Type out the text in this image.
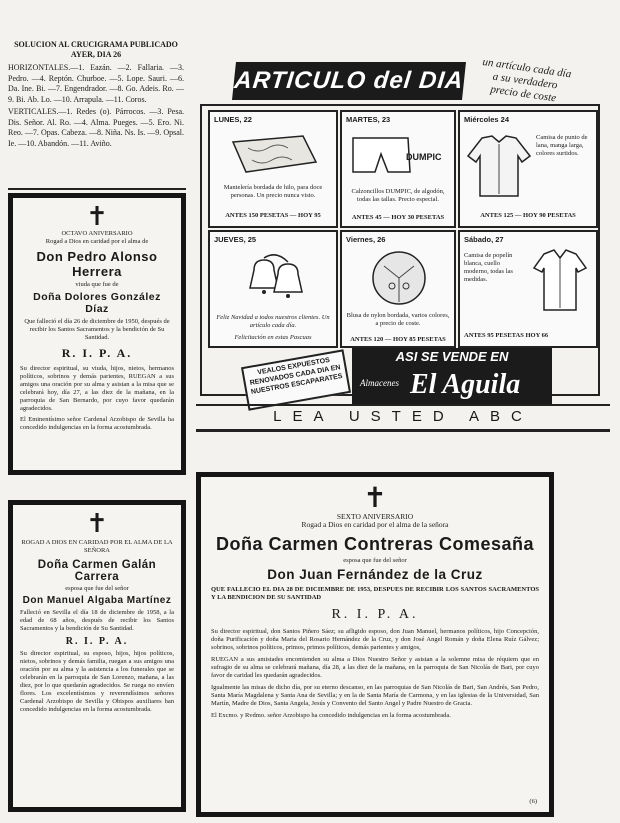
SOLUCION AL CRUCIGRAMA PUBLICADO AYER, DIA 26
HORIZONTALES.—1. Eazán. —2. Fallaria. —3. Pedro. —4. Reptón. Churboe. —5. Lope. Sauri. —6. Da. Ine. Bi. —7. Engendrador. —8. Go. Adeis. Ro. —9. Bi. Ab. Lo. —10. Arrapula. —11. Coros.
VERTICALES.—1. Redes (o). Párrocos. —3. Pesa. Dis. Señor. Al. Ro. —4. Alma. Pueges. —5. Ero. Ni. Reo. —7. Opas. Cabeza. —8. Niña. Ns. Is. —9. Opsal. Ie. —10. Abandón. —11. Aviño.
✝
OCTAVO ANIVERSARIO
Rogad a Dios en caridad por el alma de
Don Pedro Alonso Herrera
viuda que fue de
Doña Dolores González Díaz
Que falleció el día 26 de diciembre de 1950, después de recibir los Santos Sacramentos y la bendición de Su Santidad.
R. I. P. A.
Su director espiritual, su viuda, hijos, nietos, hermanos políticos, sobrinos y demás parientes, RUEGAN a sus amigos una oración por su alma y asistan a la misa que se celebrará hoy, día 27, a las diez de la mañana, en la parroquia de San Bernardo, por cuyo favor quedarán agradecidos.
El Eminentísimo señor Cardenal Arzobispo de Sevilla ha concedido indulgencias en la forma acostumbrada.
✝
ROGAD A DIOS EN CARIDAD POR EL ALMA DE LA SEÑORA
Doña Carmen Galán Carrera
esposa que fue del señor
Don Manuel Algaba Martínez
Falleció en Sevilla el día 18 de diciembre de 1958, a la edad de 68 años, después de recibir los Santos Sacramentos y la bendición de Su Santidad.
R. I. P. A.
Su director espiritual, su esposo, hijos, hijos políticos, nietos, sobrinos y demás familia, ruegan a sus amigos una oración por su alma y la asistencia a los funerales que se celebrarán en la parroquia de San Lorenzo, mañana, a las diez, por lo que quedarán agradecidos. Se ruega no envíen flores. Los excelentísimos y reverendísimos señores Cardenal Arzobispo de Sevilla y Obispos auxiliares han concedido indulgencias en la forma acostumbrada.
ARTICULO del DIA	un artículo cada día a su verdadero precio de coste
LUNES, 22
Mantelería bordada de hilo, para doce personas. Un precio nunca visto.
ANTES 150 PESETAS — HOY 95
MARTES, 23
DUMPIC
Calzoncillos DUMPIC, de algodón, todas las tallas. Precio especial.
ANTES 45 — HOY 30 PESETAS
Miércoles 24
Camisa de punto de lana, manga larga, colores surtidos.
ANTES 125 — HOY 90 PESETAS
JUEVES, 25
Feliz Navidad a todos nuestros clientes. Un artículo cada día.
Felicitación en estas Pascuas
Viernes, 26
Blusa de nylon bordada, varios colores, a precio de coste.
ANTES 120 — HOY 85 PESETAS
Sábado, 27
Camisa de popelín blanca, cuello moderno, todas las medidas.
ANTES 95 PESETAS HOY 66
VEALOS EXPUESTOS RENOVADOS CADA DIA EN NUESTROS ESCAPARATES
ASI SE VENDE EN
Almacenes El Aguila
LEA USTED ABC
✝
SEXTO ANIVERSARIO
Rogad a Dios en caridad por el alma de la señora
Doña Carmen Contreras Comesaña
esposa que fue del señor
Don Juan Fernández de la Cruz
QUE FALLECIO EL DIA 28 DE DICIEMBRE DE 1953, DESPUES DE RECIBIR LOS SANTOS SACRAMENTOS Y LA BENDICION DE SU SANTIDAD
R. I. P. A.
Su director espiritual, don Santos Piñero Sáez; su afligido esposo, don Juan Manuel, hermanos políticos, hijo Concepción, doña Purificación y doña Maria del Rosario Hernández de la Cruz, y don José Angel Román y doña Elena Ruíz Gálvez; sobrinos, sobrinos políticos, primos, primos políticos, demás parientes y amigos,
RUEGAN a sus amistades encomienden su alma a Dios Nuestro Señor y asistan a la solemne misa de réquiem que en sufragio de su alma se celebrará mañana, día 28, a las diez de la mañana, en la parroquia de San Nicolás de Bari, por cuyo favor de caridad les quedarán agradecidos.
Igualmente las misas de dicho día, por su eterno descanso, en las parroquias de San Nicolás de Bari, San Andrés, San Pedro, Santa María Magdalena y Santa Ana de Sevilla; y en la de Santa María de Carmona, y en las iglesias de la Universidad, San Martín, Madre de Dios, Santa Angela, Jesús y Convento del Santo Angel y Padre Nuestro de Gracia.
El Excmo. y Rvdmo. señor Arzobispo ha concedido indulgencias en la forma acostumbrada.
(6)
